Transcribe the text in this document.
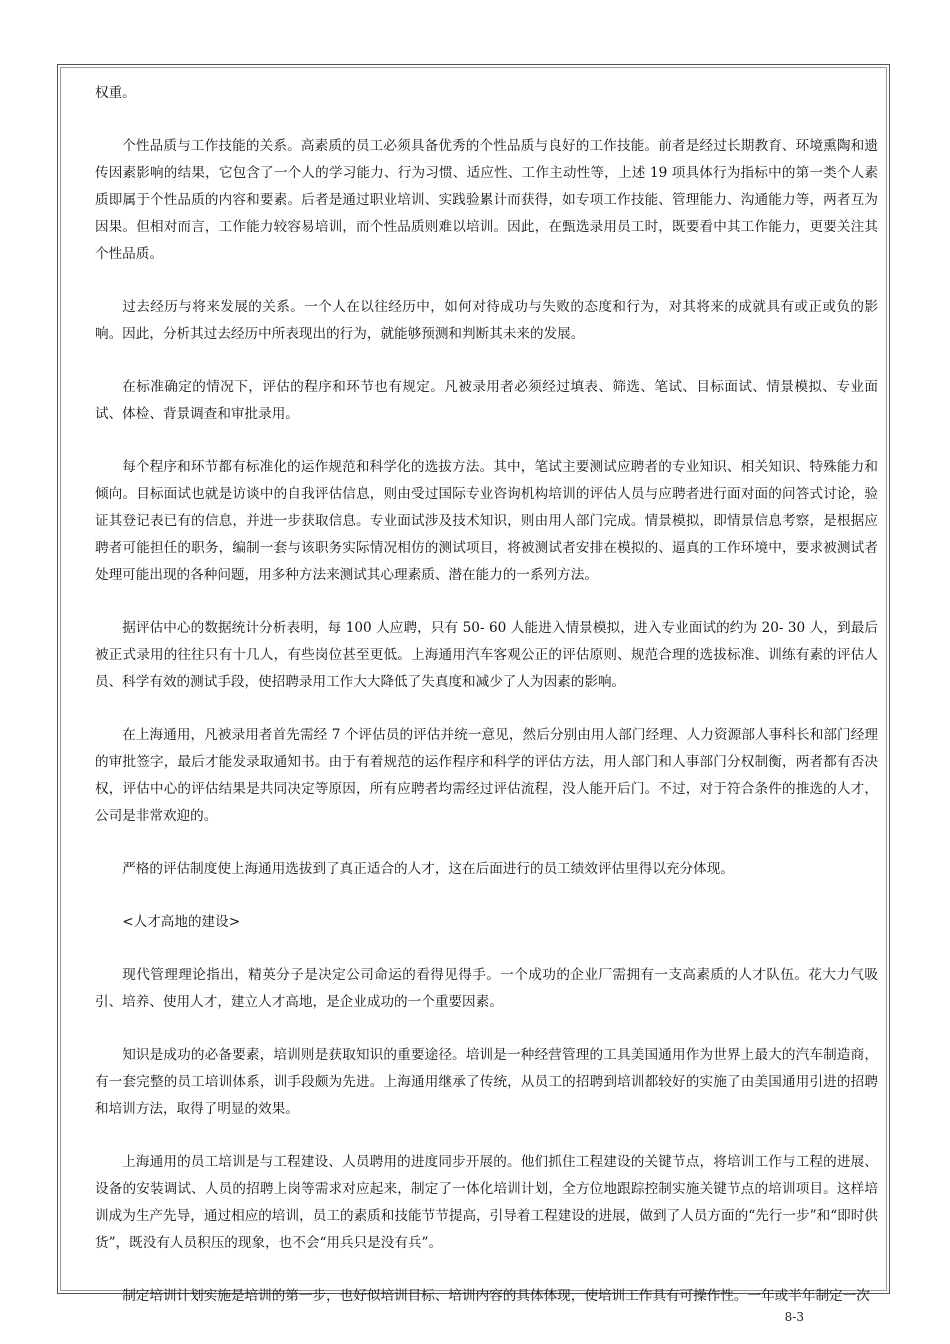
权重。

个性品质与工作技能的关系。高素质的员工必须具备优秀的个性品质与良好的工作技能。前者是经过长期教育、环境熏陶和遗传因素影响的结果，它包含了一个人的学习能力、行为习惯、适应性、工作主动性等，上述 19 项具体行为指标中的第一类个人素质即属于个性品质的内容和要素。后者是通过职业培训、实践验累计而获得，如专项工作技能、管理能力、沟通能力等，两者互为因果。但相对而言，工作能力较容易培训，而个性品质则难以培训。因此，在甄选录用员工时，既要看中其工作能力，更要关注其个性品质。

过去经历与将来发展的关系。一个人在以往经历中，如何对待成功与失败的态度和行为，对其将来的成就具有或正或负的影响。因此，分析其过去经历中所表现出的行为，就能够预测和判断其未来的发展。

在标准确定的情况下，评估的程序和环节也有规定。凡被录用者必须经过填表、筛选、笔试、目标面试、情景模拟、专业面试、体检、背景调查和审批录用。

每个程序和环节都有标准化的运作规范和科学化的选拔方法。其中，笔试主要测试应聘者的专业知识、相关知识、特殊能力和倾向。目标面试也就是访谈中的自我评估信息，则由受过国际专业咨询机构培训的评估人员与应聘者进行面对面的问答式讨论，验证其登记表已有的信息，并进一步获取信息。专业面试涉及技术知识，则由用人部门完成。情景模拟，即情景信息考察，是根据应聘者可能担任的职务，编制一套与该职务实际情况相仿的测试项目，将被测试者安排在模拟的、逼真的工作环境中，要求被测试者处理可能出现的各种问题，用多种方法来测试其心理素质、潜在能力的一系列方法。

据评估中心的数据统计分析表明，每 100 人应聘，只有 50- 60 人能进入情景模拟，进入专业面试的约为 20- 30 人，到最后被正式录用的往往只有十几人，有些岗位甚至更低。上海通用汽车客观公正的评估原则、规范合理的选拔标准、训练有素的评估人员、科学有效的测试手段，使招聘录用工作大大降低了失真度和减少了人为因素的影响。

在上海通用，凡被录用者首先需经 7 个评估员的评估并统一意见，然后分别由用人部门经理、人力资源部人事科长和部门经理的审批签字，最后才能发录取通知书。由于有着规范的运作程序和科学的评估方法，用人部门和人事部门分权制衡，两者都有否决权，评估中心的评估结果是共同决定等原因，所有应聘者均需经过评估流程，没人能开后门。不过，对于符合条件的推选的人才，公司是非常欢迎的。

严格的评估制度使上海通用选拔到了真正适合的人才，这在后面进行的员工绩效评估里得以充分体现。

<人才高地的建设>

现代管理理论指出，精英分子是决定公司命运的看得见得手。一个成功的企业厂需拥有一支高素质的人才队伍。花大力气吸引、培养、使用人才，建立人才高地，是企业成功的一个重要因素。

知识是成功的必备要素，培训则是获取知识的重要途径。培训是一种经营管理的工具美国通用作为世界上最大的汽车制造商，有一套完整的员工培训体系，训手段颇为先进。上海通用继承了传统，从员工的招聘到培训都较好的实施了由美国通用引进的招聘和培训方法，取得了明显的效果。

上海通用的员工培训是与工程建设、人员聘用的进度同步开展的。他们抓住工程建设的关键节点，将培训工作与工程的进展、设备的安装调试、人员的招聘上岗等需求对应起来，制定了一体化培训计划，全方位地跟踪控制实施关键节点的培训项目。这样培训成为生产先导，通过相应的培训，员工的素质和技能节节提高，引导着工程建设的进展，做到了人员方面的“先行一步”和“即时供货”，既没有人员积压的现象，也不会“用兵只是没有兵”。

制定培训计划实施是培训的第一步，也好似培训目标、培训内容的具体体现，使培训工作具有可操作性。一年或半年制定一次

8-3
